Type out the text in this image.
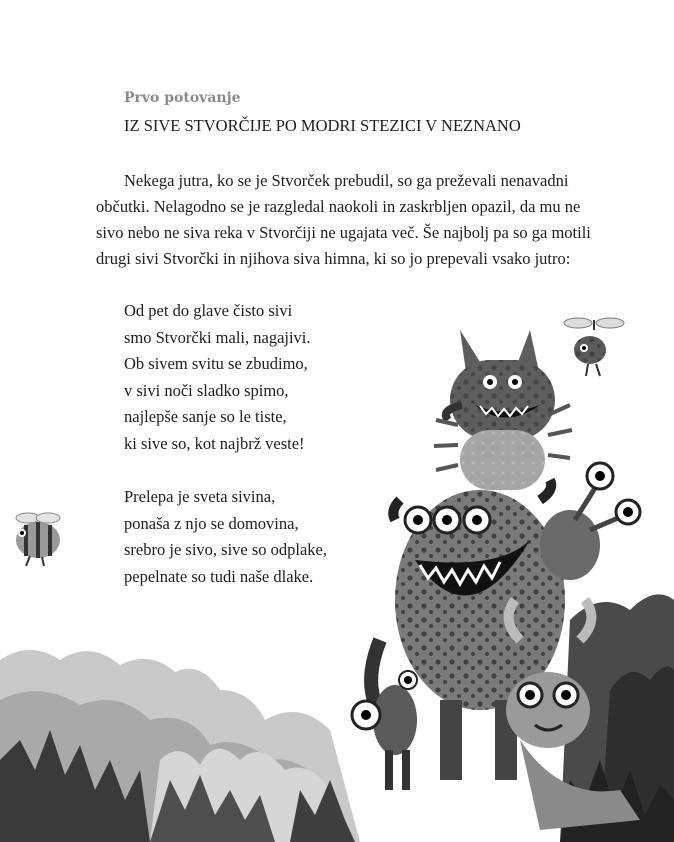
Prvo potovanje
IZ SIVE STVORČIJE PO MODRI STEZICI V NEZNANO
Nekega jutra, ko se je Stvorček prebudil, so ga preževali nenavadni
občutki. Nelagodno se je razgledal naokoli in zaskrbljen opazil, da mu ne
sivo nebo ne siva reka v Stvorčiji ne ugajata več. Še najbolj pa so ga motili
drugi sivi Stvorčki in njihova siva himna, ki so jo prepevali vsako jutro:
Od pet do glave čisto sivi
smo Stvorčki mali, nagajivi.
Ob sivem svitu se zbudimo,
v sivi noči sladko spimo,
najlepše sanje so le tiste,
ki sive so, kot najbrž veste!
Prelepa je sveta sivina,
ponaša z njo se domovina,
srebro je sivo, sive so odplake,
pepelnate so tudi naše dlake.
